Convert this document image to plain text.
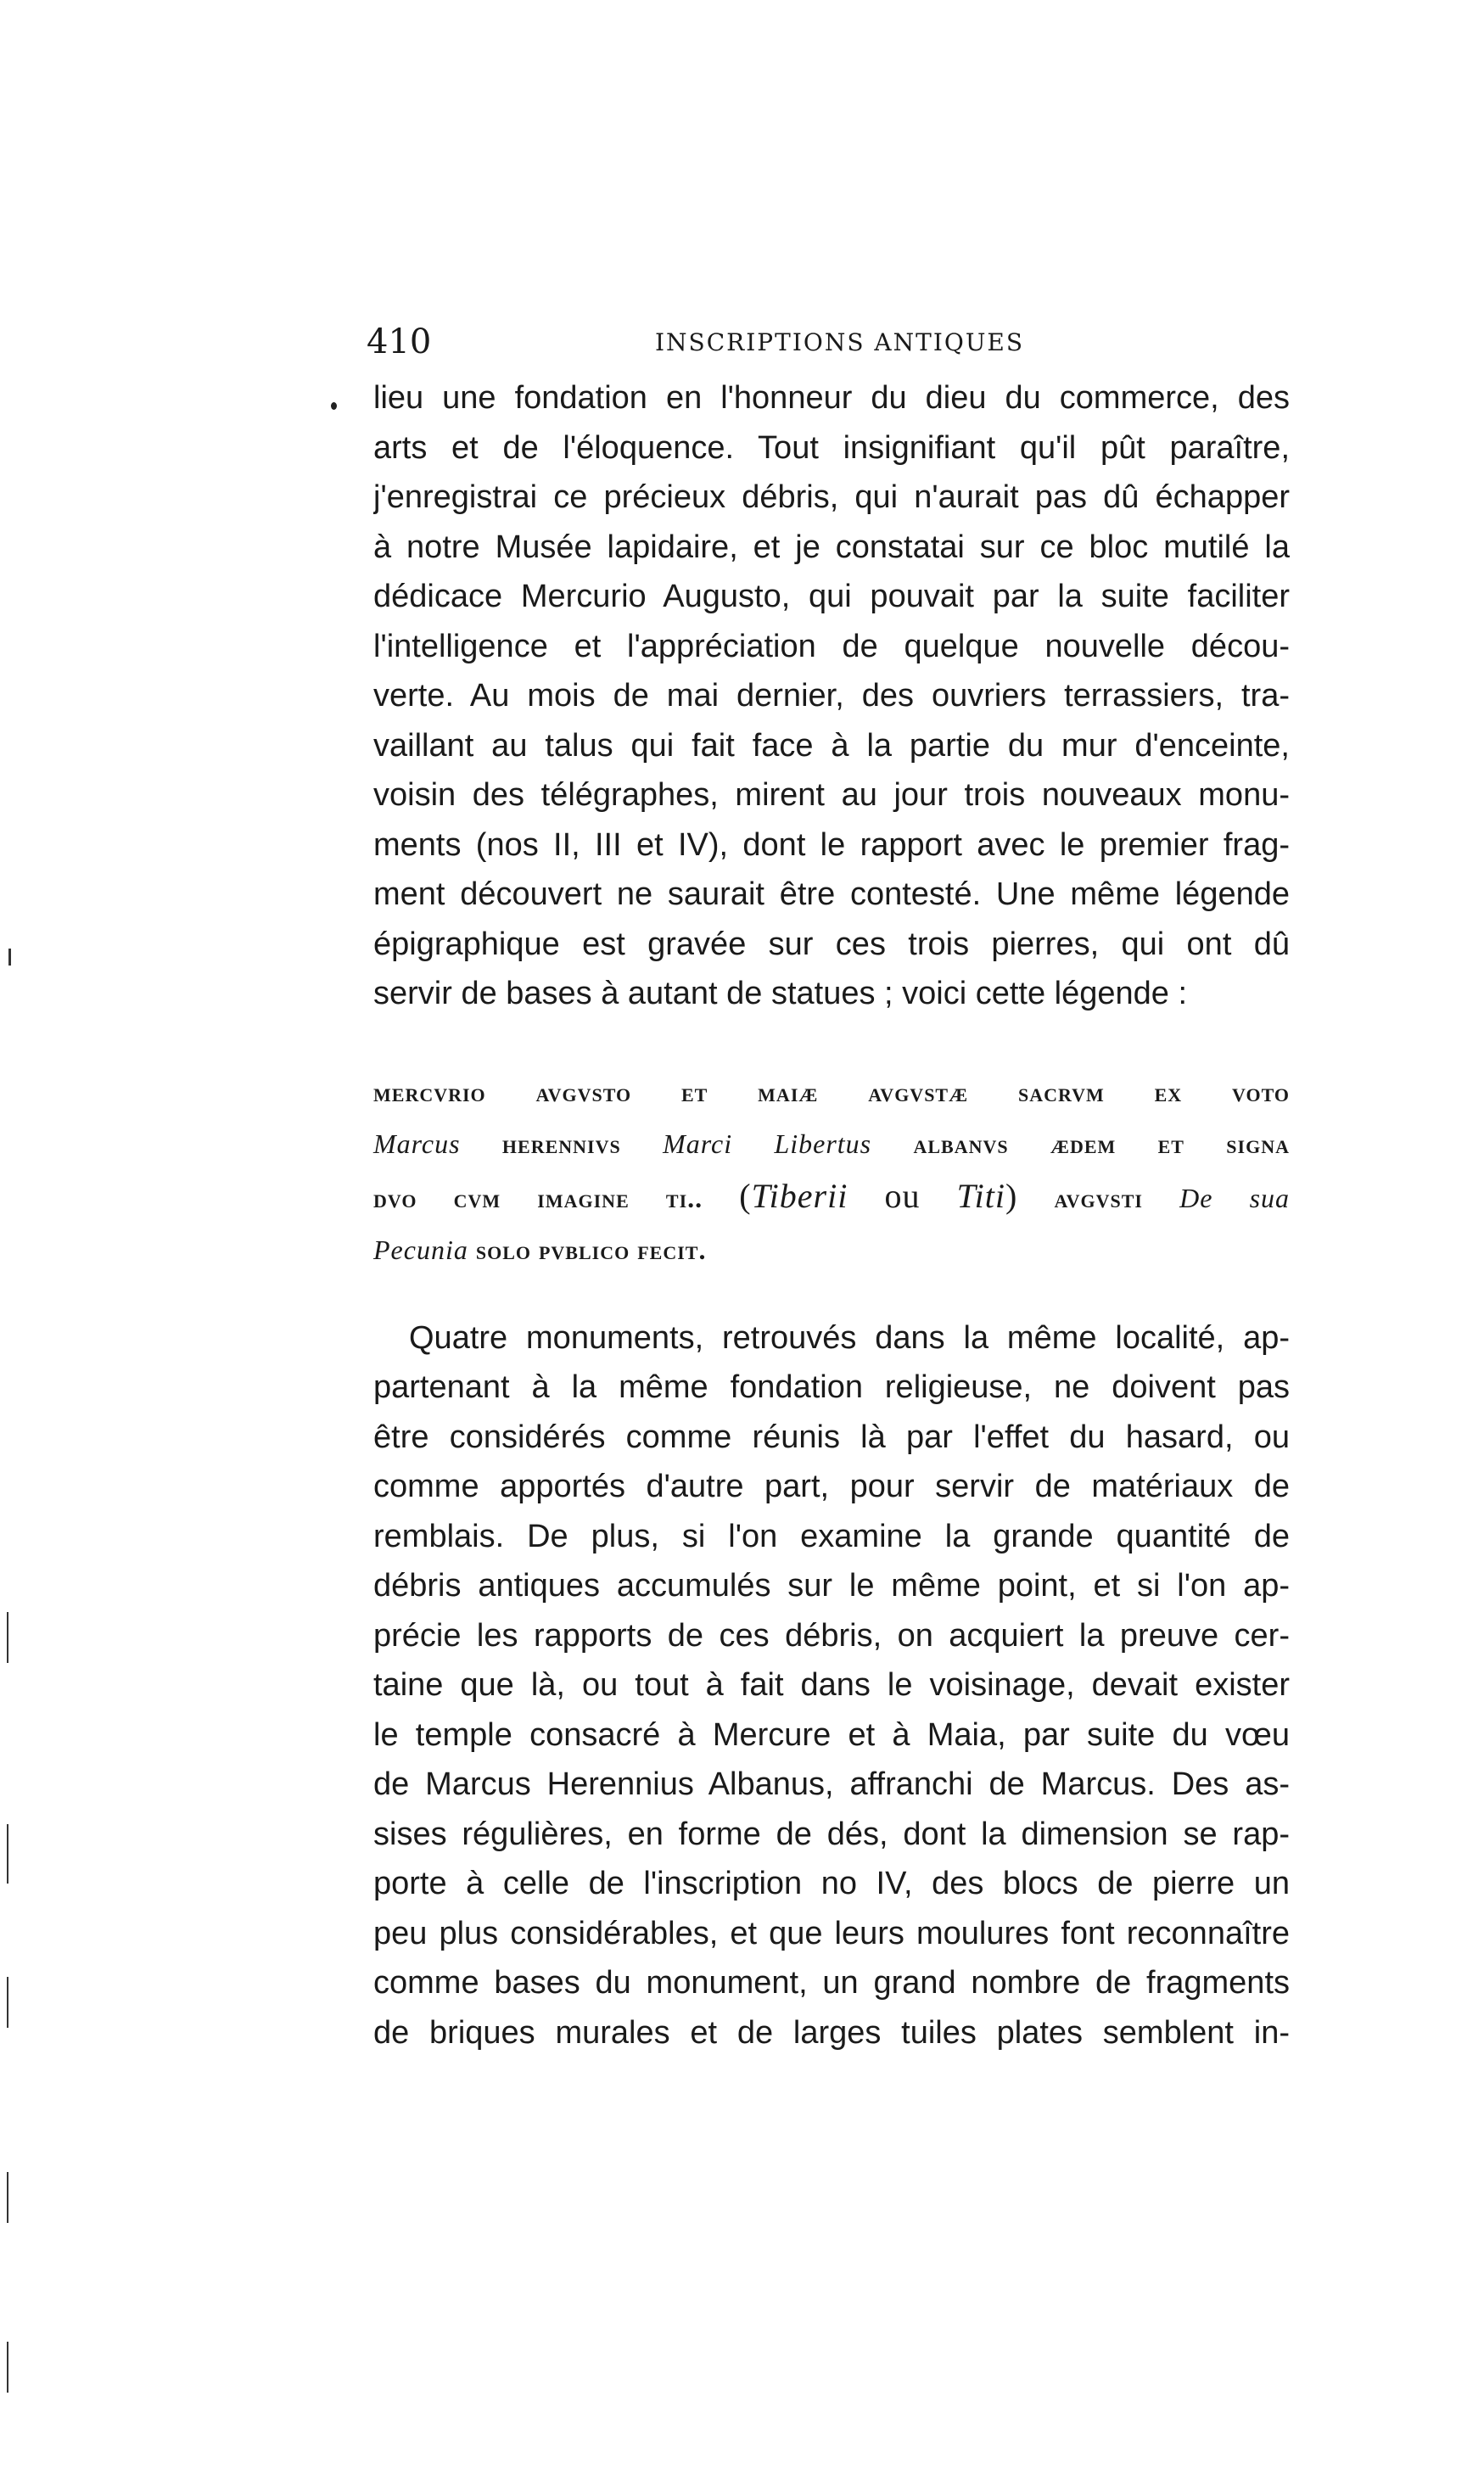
410	INSCRIPTIONS ANTIQUES
lieu une fondation en l'honneur du dieu du commerce, des
arts et de l'éloquence. Tout insignifiant qu'il pût paraître,
j'enregistrai ce précieux débris, qui n'aurait pas dû échapper
à notre Musée lapidaire, et je constatai sur ce bloc mutilé la
dédicace Mercurio Augusto, qui pouvait par la suite faciliter
l'intelligence et l'appréciation de quelque nouvelle décou-
verte. Au mois de mai dernier, des ouvriers terrassiers, tra-
vaillant au talus qui fait face à la partie du mur d'enceinte,
voisin des télégraphes, mirent au jour trois nouveaux monu-
ments (nos II, III et IV), dont le rapport avec le premier frag-
ment découvert ne saurait être contesté. Une même légende
épigraphique est gravée sur ces trois pierres, qui ont dû
servir de bases à autant de statues ; voici cette légende :
mercvrio avgvsto et maiæ avgvstæ sacrvm ex voto
Marcus herennivs Marci Libertus albanvs ædem et signa
dvo cvm imagine ti.. (Tiberii ou Titi) avgvsti De sua
Pecunia solo pvblico fecit.
Quatre monuments, retrouvés dans la même localité, ap-
partenant à la même fondation religieuse, ne doivent pas
être considérés comme réunis là par l'effet du hasard, ou
comme apportés d'autre part, pour servir de matériaux de
remblais. De plus, si l'on examine la grande quantité de
débris antiques accumulés sur le même point, et si l'on ap-
précie les rapports de ces débris, on acquiert la preuve cer-
taine que là, ou tout à fait dans le voisinage, devait exister
le temple consacré à Mercure et à Maia, par suite du vœu
de Marcus Herennius Albanus, affranchi de Marcus. Des as-
sises régulières, en forme de dés, dont la dimension se rap-
porte à celle de l'inscription no IV, des blocs de pierre un
peu plus considérables, et que leurs moulures font reconnaître
comme bases du monument, un grand nombre de fragments
de briques murales et de larges tuiles plates semblent in-
